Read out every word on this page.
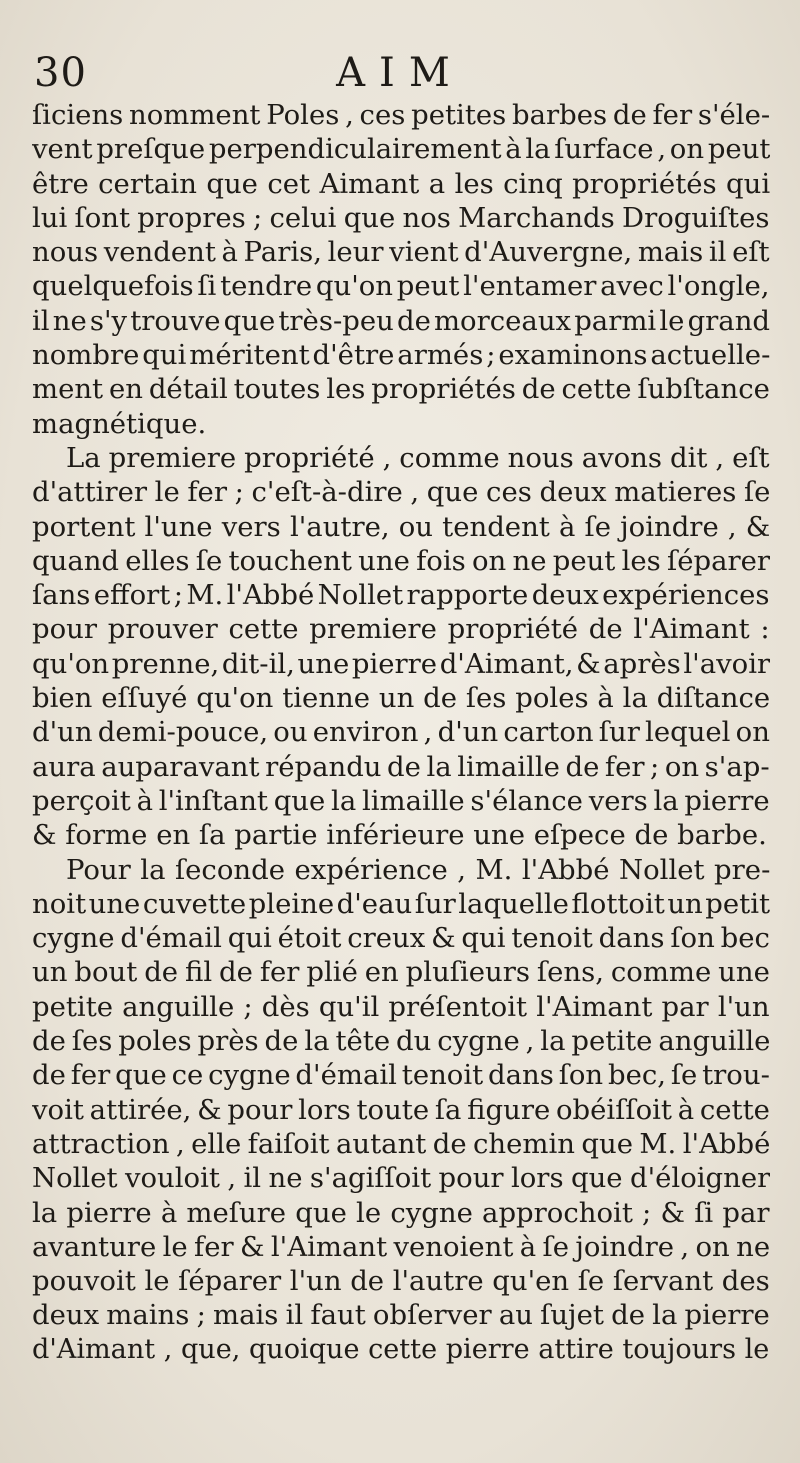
30	AIM
ſiciens nomment Poles , ces petites barbes de fer s'éle-
vent preſque perpendiculairement à la ſurface , on peut
être certain que cet Aimant a les cinq propriétés qui
lui ſont propres ; celui que nos Marchands Droguiſtes
nous vendent à Paris, leur vient d'Auvergne, mais il eſt
quelquefois ſi tendre qu'on peut l'entamer avec l'ongle,
il ne s'y trouve que très-peu de morceaux parmi le grand
nombre qui méritent d'être armés ; examinons actuelle-
ment en détail toutes les propriétés de cette ſubſtance
magnétique.
La premiere propriété , comme nous avons dit , eſt
d'attirer le fer ; c'eſt-à-dire , que ces deux matieres ſe
portent l'une vers l'autre, ou tendent à ſe joindre , &
quand elles ſe touchent une fois on ne peut les ſéparer
ſans effort ; M. l'Abbé Nollet rapporte deux expériences
pour prouver cette premiere propriété de l'Aimant :
qu'on prenne, dit-il, une pierre d'Aimant, & après l'avoir
bien eſſuyé qu'on tienne un de ſes poles à la diſtance
d'un demi-pouce, ou environ , d'un carton ſur lequel on
aura auparavant répandu de la limaille de fer ; on s'ap-
perçoit à l'inſtant que la limaille s'élance vers la pierre
& forme en ſa partie inférieure une eſpece de barbe.
Pour la ſeconde expérience , M. l'Abbé Nollet pre-
noit une cuvette pleine d'eau ſur laquelle flottoit un petit
cygne d'émail qui étoit creux & qui tenoit dans ſon bec
un bout de fil de fer plié en pluſieurs ſens, comme une
petite anguille ; dès qu'il préſentoit l'Aimant par l'un
de ſes poles près de la tête du cygne , la petite anguille
de fer que ce cygne d'émail tenoit dans ſon bec, ſe trou-
voit attirée, & pour lors toute ſa figure obéiſſoit à cette
attraction , elle faiſoit autant de chemin que M. l'Abbé
Nollet vouloit , il ne s'agiſſoit pour lors que d'éloigner
la pierre à meſure que le cygne approchoit ; & ſi par
avanture le fer & l'Aimant venoient à ſe joindre , on ne
pouvoit le ſéparer l'un de l'autre qu'en ſe ſervant des
deux mains ; mais il faut obſerver au ſujet de la pierre
d'Aimant , que, quoique cette pierre attire toujours le
